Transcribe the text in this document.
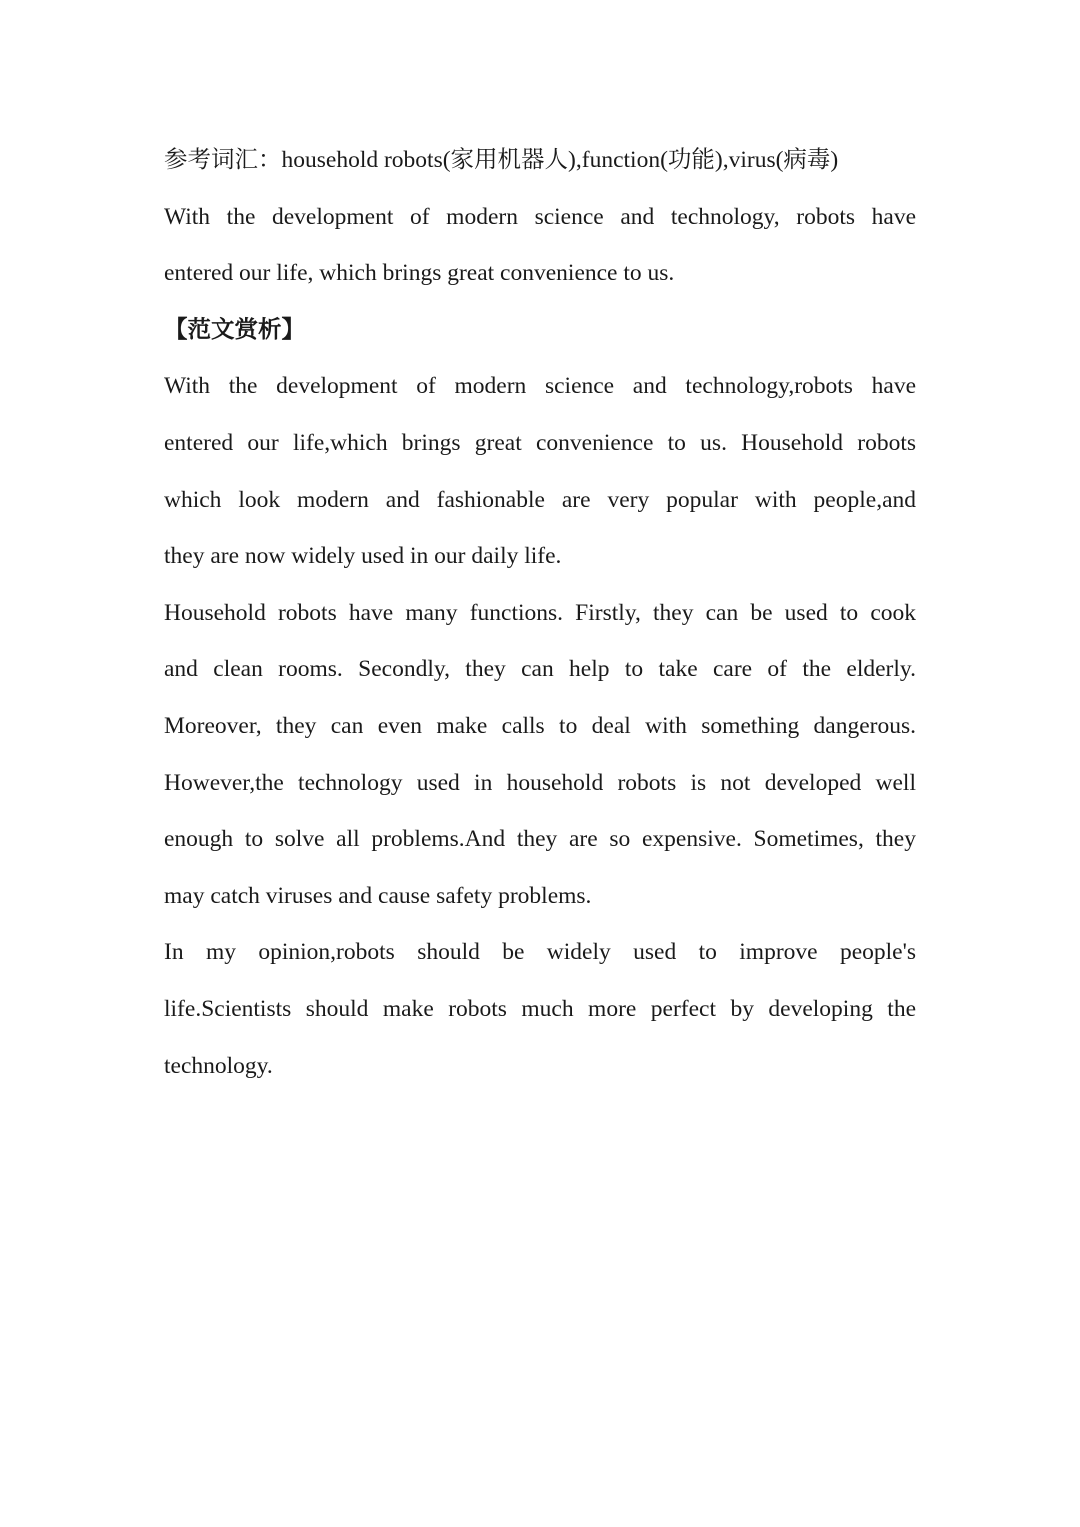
参考词汇：household robots(家用机器人),function(功能),virus(病毒)
With the development of modern science and technology, robots have
entered our life, which brings great convenience to us.
【范文赏析】
With the development of modern science and technology,robots have
entered our life,which brings great convenience to us. Household robots
which look modern and fashionable are very popular with people,and
they are now widely used in our daily life.
Household robots have many functions. Firstly, they can be used to cook
and clean rooms. Secondly, they can help to take care of the elderly.
Moreover, they can even make calls to deal with something dangerous.
However,the technology used in household robots is not developed well
enough to solve all problems.And they are so expensive. Sometimes, they
may catch viruses and cause safety problems.
In my opinion,robots should be widely used to improve people's
life.Scientists should make robots much more perfect by developing the
technology.
